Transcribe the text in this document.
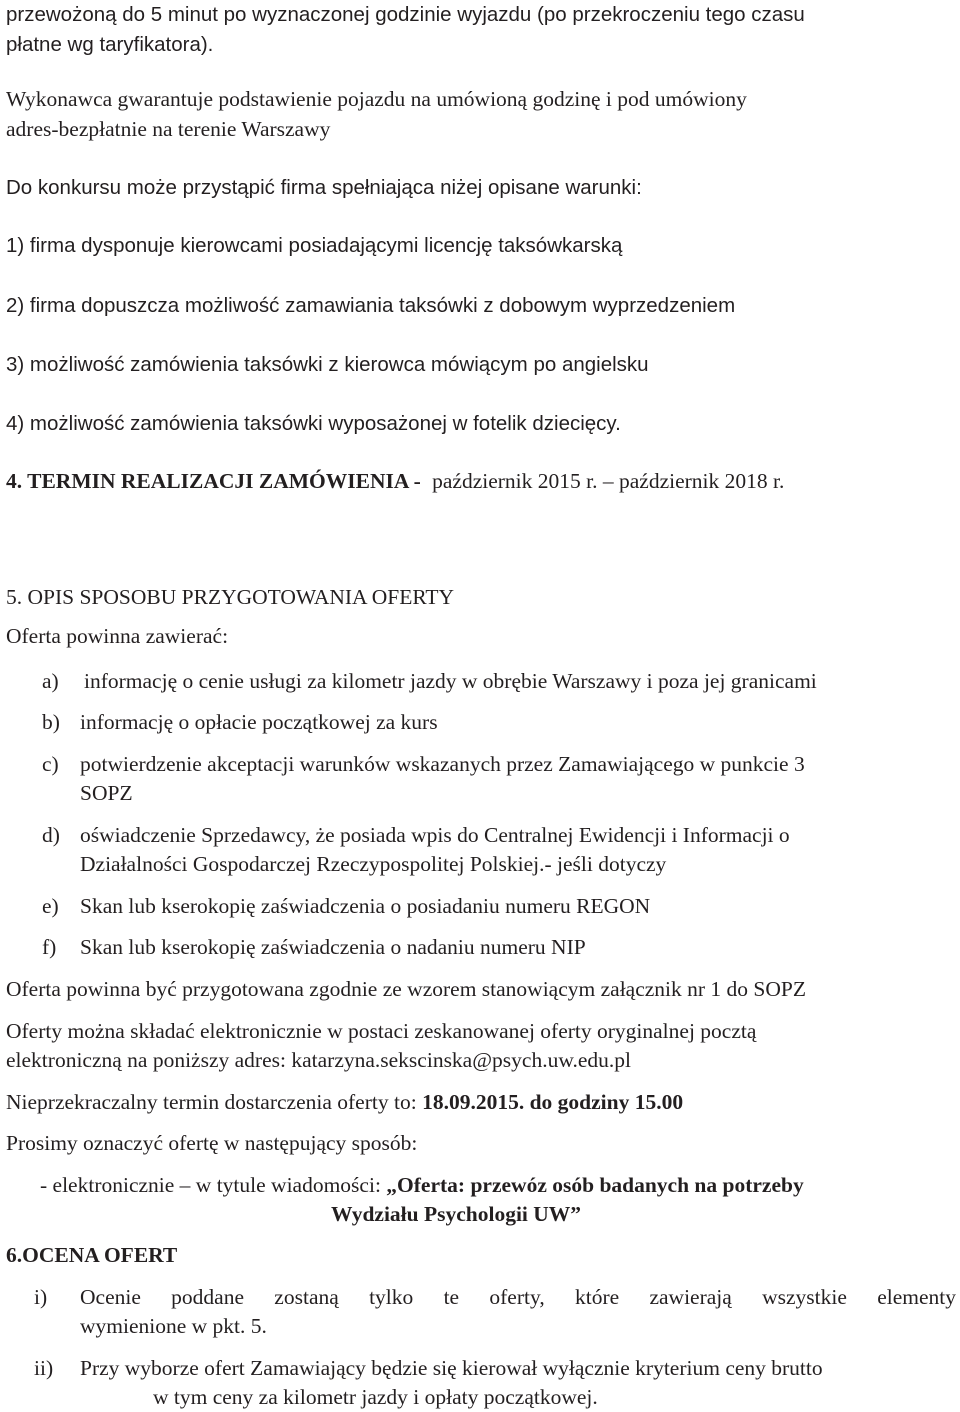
przewożoną do 5 minut po wyznaczonej godzinie wyjazdu (po przekroczeniu tego czasu
płatne wg taryfikatora).
Wykonawca gwarantuje podstawienie pojazdu na umówioną godzinę i pod umówiony
adres-bezpłatnie na terenie Warszawy
Do konkursu może przystąpić firma spełniająca niżej opisane warunki:
1) firma dysponuje kierowcami posiadającymi licencję taksówkarską
2) firma dopuszcza możliwość zamawiania taksówki z dobowym wyprzedzeniem
3) możliwość zamówienia taksówki z kierowca mówiącym po angielsku
4) możliwość zamówienia taksówki wyposażonej w fotelik dziecięcy.
4. TERMIN REALIZACJI ZAMÓWIENIA - październik 2015 r. – październik 2018 r.
5. OPIS SPOSOBU PRZYGOTOWANIA OFERTY
Oferta powinna zawierać:
a) informację o cenie usługi za kilometr jazdy w obrębie Warszawy i poza jej granicami
b) informację o opłacie początkowej za kurs
c) potwierdzenie akceptacji warunków wskazanych przez Zamawiającego w punkcie 3
SOPZ
d) oświadczenie Sprzedawcy, że posiada wpis do Centralnej Ewidencji i Informacji o
Działalności Gospodarczej Rzeczypospolitej Polskiej.- jeśli dotyczy
e) Skan lub kserokopię zaświadczenia o posiadaniu numeru REGON
f) Skan lub kserokopię zaświadczenia o nadaniu numeru NIP
Oferta powinna być przygotowana zgodnie ze wzorem stanowiącym załącznik nr 1 do SOPZ
Oferty można składać elektronicznie w postaci zeskanowanej oferty oryginalnej pocztą
elektroniczną na poniższy adres: katarzyna.sekscinska@psych.uw.edu.pl
Nieprzekraczalny termin dostarczenia oferty to: 18.09.2015. do godziny 15.00
Prosimy oznaczyć ofertę w następujący sposób:
- elektronicznie – w tytule wiadomości: „Oferta: przewóz osób badanych na potrzeby
Wydziału Psychologii UW”
6.OCENA OFERT
i) Ocenie poddane zostaną tylko te oferty, które zawierają wszystkie elementy
wymienione w pkt. 5.
ii) Przy wyborze ofert Zamawiający będzie się kierował wyłącznie kryterium ceny brutto
w tym ceny za kilometr jazdy i opłaty początkowej.
